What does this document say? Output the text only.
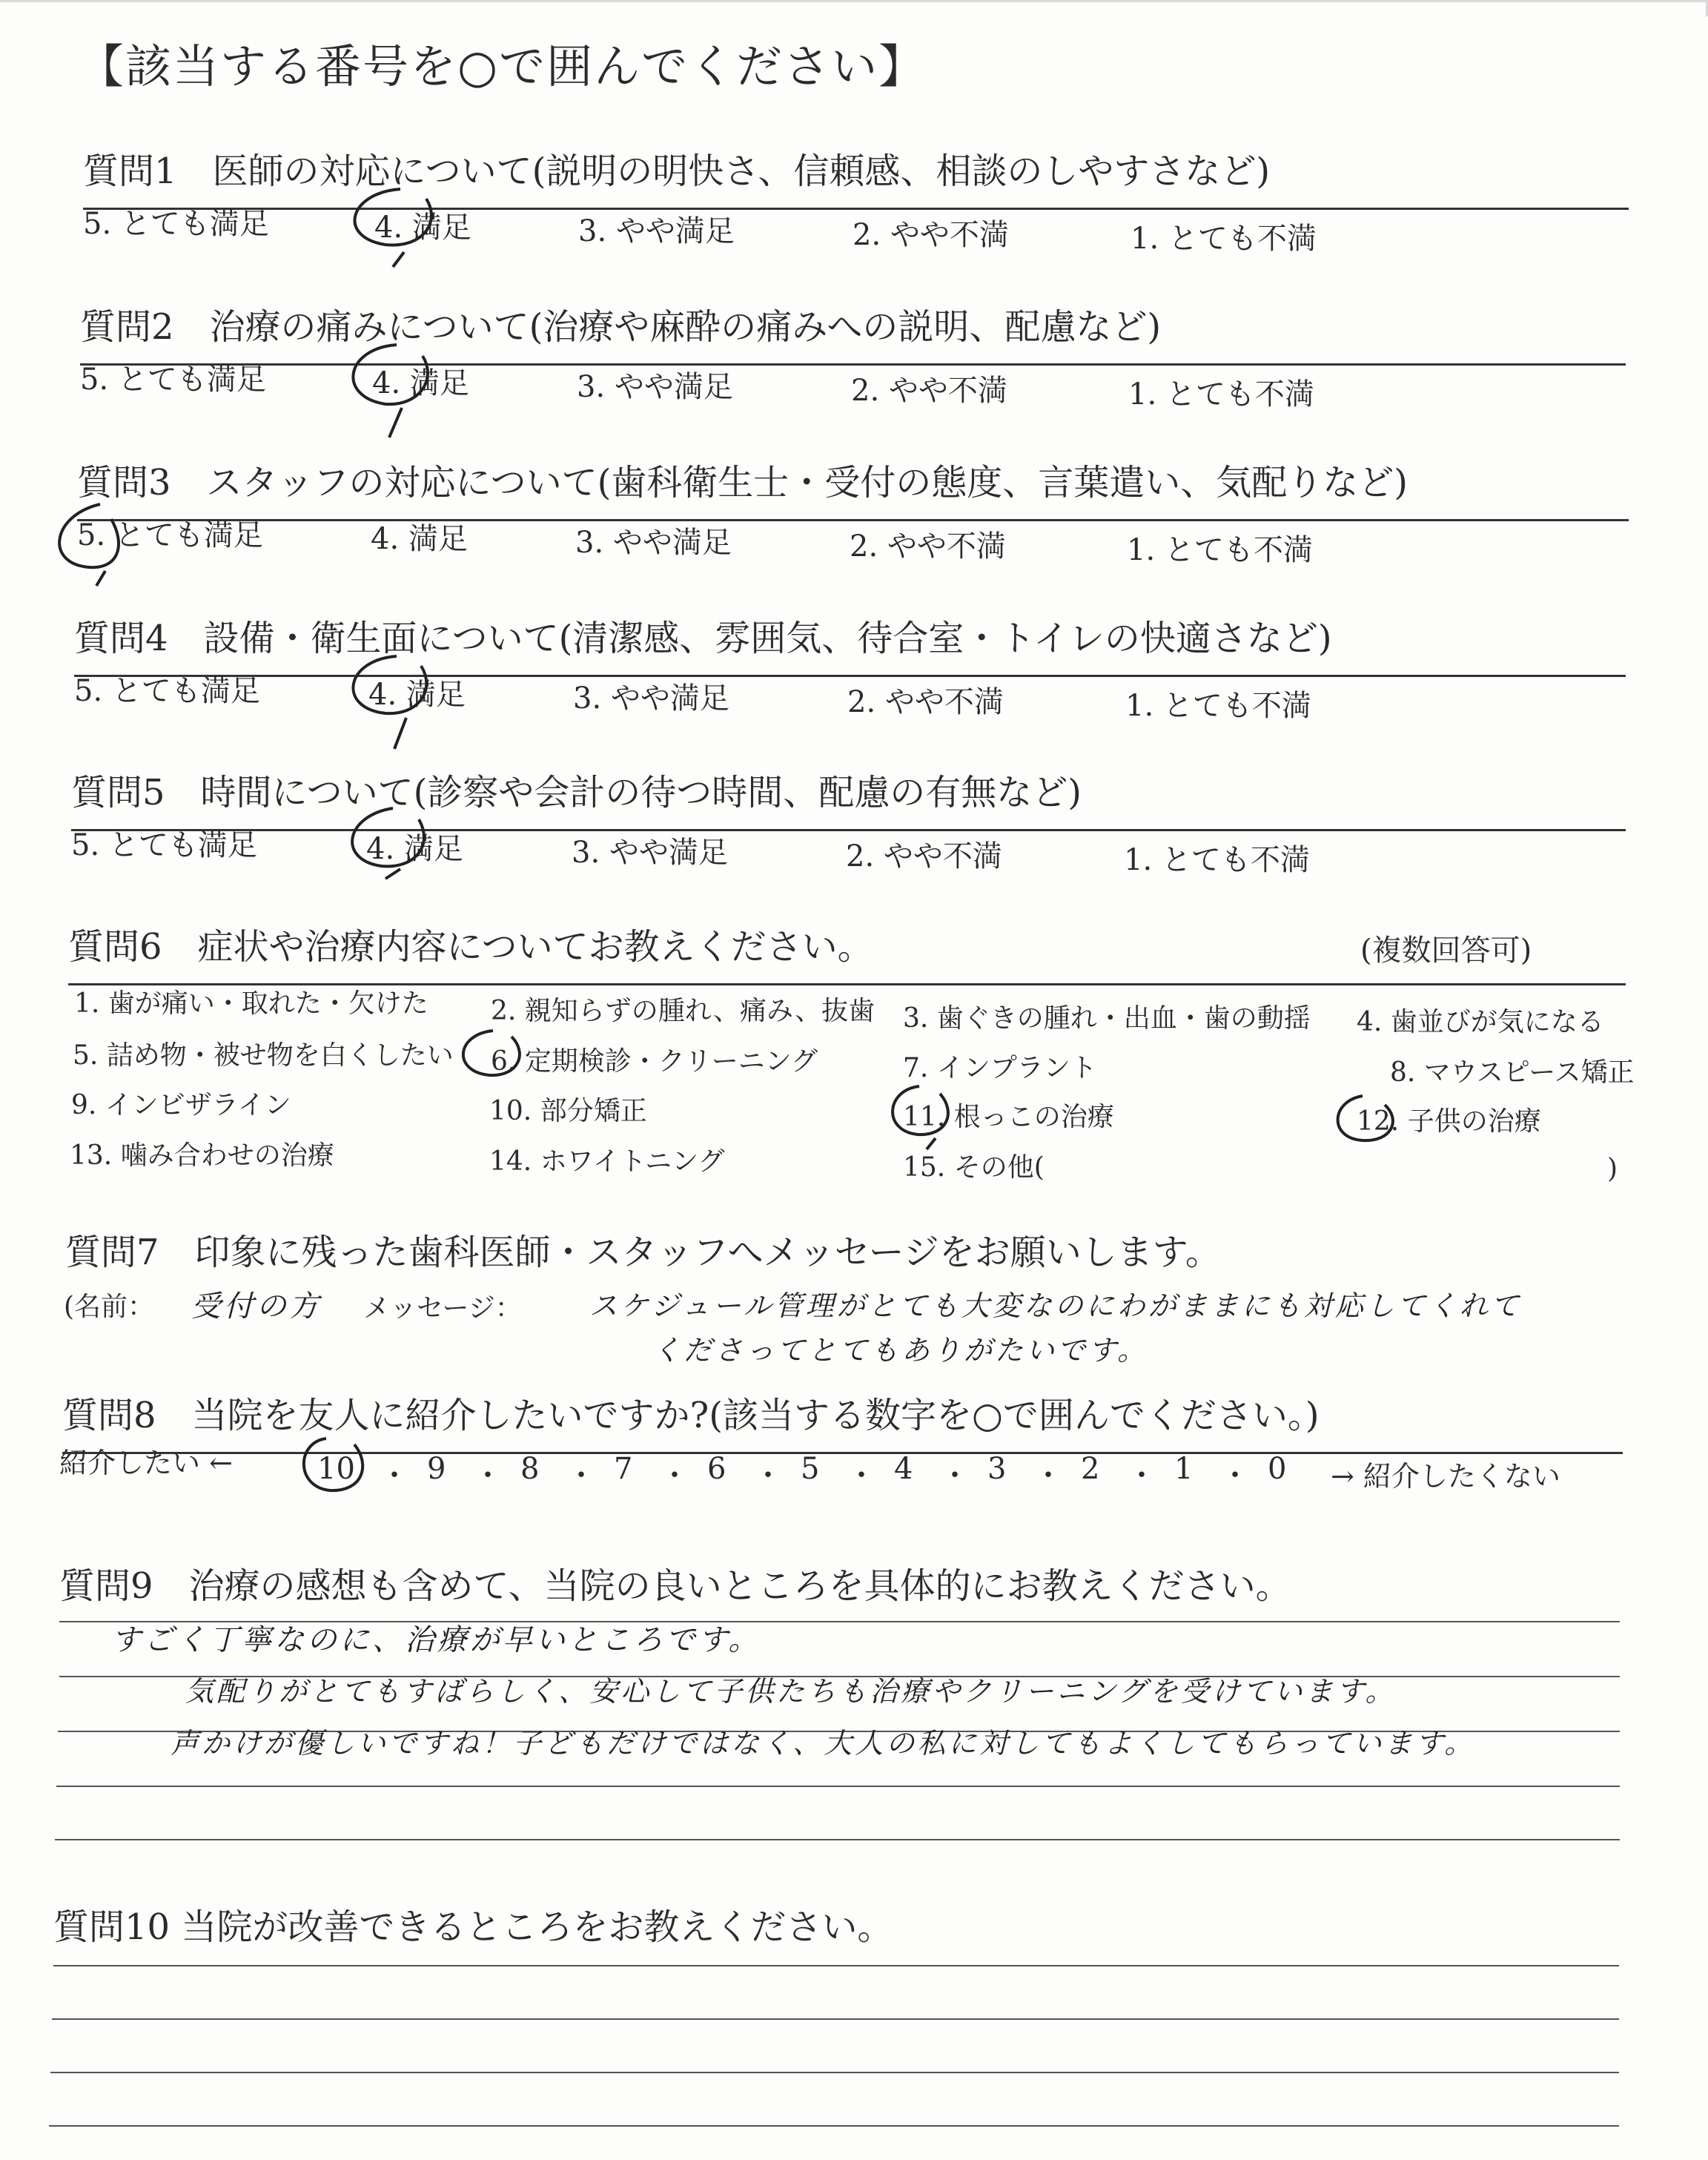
【該当する番号を○で囲んでください】
質問1　医師の対応について(説明の明快さ、信頼感、相談のしやすさなど)
5. とても満足	4. 満足	3. やや満足	2. やや不満	1. とても不満
質問2　治療の痛みについて(治療や麻酔の痛みへの説明、配慮など)
5. とても満足	4. 満足	3. やや満足	2. やや不満	1. とても不満
質問3　スタッフの対応について(歯科衛生士・受付の態度、言葉遣い、気配りなど)
5. とても満足	4. 満足	3. やや満足	2. やや不満	1. とても不満
質問4　設備・衛生面について(清潔感、雰囲気、待合室・トイレの快適さなど)
5. とても満足	4. 満足	3. やや満足	2. やや不満	1. とても不満
質問5　時間について(診察や会計の待つ時間、配慮の有無など)
5. とても満足	4. 満足	3. やや満足	2. やや不満	1. とても不満
質問6　症状や治療内容についてお教えください。	(複数回答可)
1. 歯が痛い・取れた・欠けた 2. 親知らずの腫れ、痛み、抜歯 3. 歯ぐきの腫れ・出血・歯の動揺 4. 歯並びが気になる
5. 詰め物・被せ物を白くしたい 6. 定期検診・クリーニング	7. インプラント	8. マウスピース矯正
9. インビザライン	10. 部分矯正	11. 根っこの治療	12. 子供の治療
13. 噛み合わせの治療	14. ホワイトニング	15. その他(	)
質問7　印象に残った歯科医師・スタッフへメッセージをお願いします。
(名前： 受付の方 メッセージ： スケジュール管理がとても大変なのにわがままにも対応してくれて
くださってとてもありがたいです。
質問8　当院を友人に紹介したいですか?(該当する数字を○で囲んでください。)
紹介したい ←	10 ・ 9 ・ 8 ・ 7 ・ 6 ・ 5 ・ 4 ・ 3 ・ 2 ・ 1 ・ 0 → 紹介したくない
質問9　治療の感想も含めて、当院の良いところを具体的にお教えください。
すごく丁寧なのに、治療が早いところです。
気配りがとてもすばらしく、安心して子供たちも治療やクリーニングを受けています。
声かけが優しいですね！子どもだけではなく、大人の私に対してもよくしてもらっています。
質問10 当院が改善できるところをお教えください。
